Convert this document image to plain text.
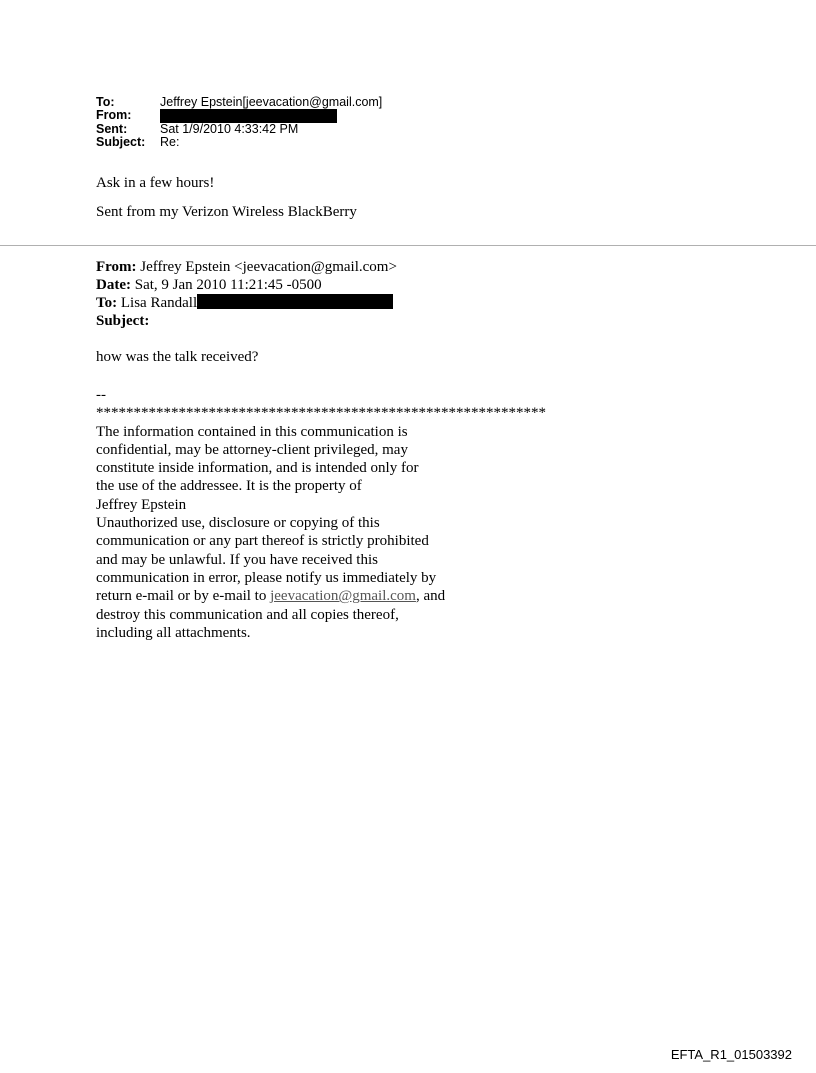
To:	Jeffrey Epstein[jeevacation@gmail.com]
From:
Sent:	Sat 1/9/2010 4:33:42 PM
Subject:	Re:

Ask in a few hours!

Sent from my Verizon Wireless BlackBerry

From: Jeffrey Epstein <jeevacation@gmail.com>
Date: Sat, 9 Jan 2010 11:21:45 -0500
To: Lisa Randall
Subject:
how was the talk received?
--
************************************************************
The information contained in this communication is
confidential, may be attorney-client privileged, may
constitute inside information, and is intended only for
the use of the addressee. It is the property of
Jeffrey Epstein
Unauthorized use, disclosure or copying of this
communication or any part thereof is strictly prohibited
and may be unlawful. If you have received this
communication in error, please notify us immediately by
return e-mail or by e-mail to jeevacation@gmail.com, and
destroy this communication and all copies thereof,
including all attachments.
EFTA_R1_01503392
